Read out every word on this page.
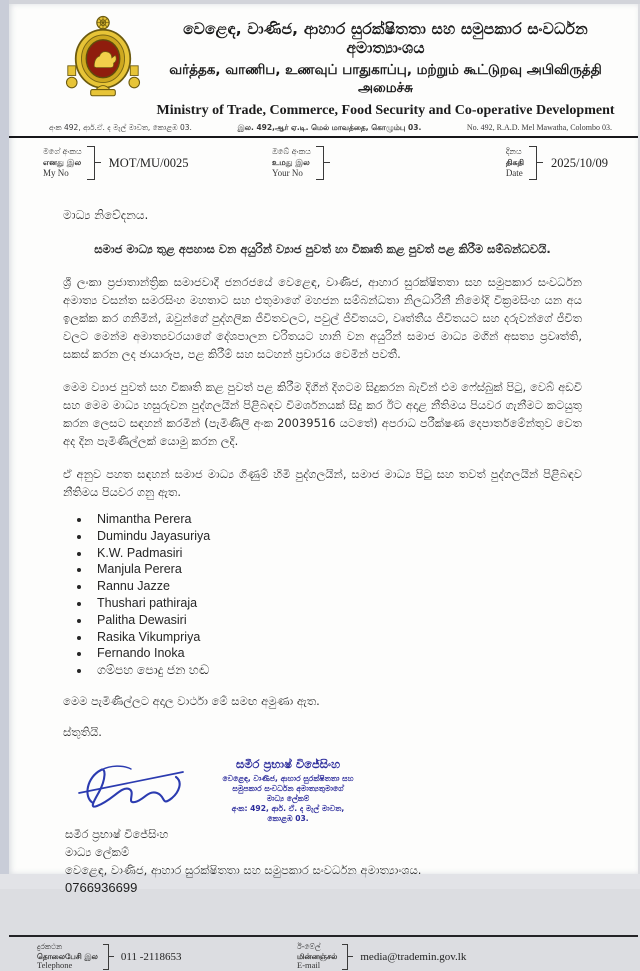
වෙළෙඳ, වාණිජ, ආහාර සුරක්ෂිතතා සහ සමුපකාර සංවර්ධන අමාත්‍යාංශය
வர்த்தக, வாணிப, உணவுப் பாதுகாப்பு, மற்றும் கூட்டுறவு அபிவிருத்தி அமைச்சு
Ministry of Trade, Commerce, Food Security and Co-operative Development
අංක 492, ආර්.ඒ. ද මැල් මාවත, කොළඹ 03.	இல. 492,ஆர் ஏ.டி. மெல் மாவத்தை, கொழும்பு 03.	No. 492, R.A.D. Mel Mawatha, Colombo 03.
මගේ අංකය
எனது இல
My No
MOT/MU/0025
ඔබේ අංකය
உமது இல
Your No
දිනය
திகதி
Date
2025/10/09
මාධ්‍ය නිවේදනය.
සමාජ මාධ්‍ය තුළ අපහාස වන අයුරින් ව්‍යාජ පුවත් හා විකෘති කළ පුවත් පළ කිරීම සම්බන්ධවයි.
ශ්‍රී ලංකා ප්‍රජාතාන්ත්‍රික සමාජවාදී ජනරජයේ වෙළෙඳ, වාණිජ, ආහාර සුරක්ෂිතතා සහ සමුපකාර සංවර්ධන අමාත්‍ය වසන්ත සමරසිංහ මහතාට සහ එතුමාගේ මහජන සම්බන්ධතා නිලධාරිනී නිමෝදි වික්‍රමසිංහ යන අය ඉලක්ක කර ගනිමින්, ඔවුන්ගේ පුද්ගලික ජීවිතවලට, පවුල් ජීවිතයට, වෘත්තීය ජීවිතයට සහ දරුවන්ගේ ජීවිත වලට මෙන්ම අමාත්‍යවරයාගේ දේශපාලන චරිතයට හානි වන අයුරින් සමාජ මාධ්‍ය මගින් අසත්‍ය ප්‍රවෘත්ති, සකස් කරන ලද ඡායාරූප, පළ කිරීම් සහ සටහන් ප්‍රචාරය වෙමින් පවතී.
මෙම ව්‍යාජ පුවත් සහ විකෘති කළ පුවත් පළ කිරීම දිගින් දිගටම සිදුකරන බැවින් එම ෆේස්බුක් පිටු, වෙබ් අඩවි සහ මෙම මාධ්‍ය හසුරුවන පුද්ගලයින් පිළිබඳව විමර්ශනයක් සිදු කර ඊට අදාළ නීතිමය පියවර ගැනීමට කටයුතු කරන ලෙසට සඳහන් කරමින් (පැමිණිලි අංක 20039516 යටතේ) අපරාධ පරීක්ෂණ දෙපාර්තමේන්තුව වෙත අද දින පැමිණිල්ලක් යොමු කරන ලදි.
ඒ අනුව පහත සඳහන් සමාජ මාධ්‍ය ගිණුම් හිමි පුද්ගලයින්, සමාජ මාධ්‍ය පිටු සහ තවත් පුද්ගලයින් පිළිබඳව නීතිමය පියවර ගනු ඇත.
• Nimantha Perera
• Dumindu Jayasuriya
• K.W. Padmasiri
• Manjula Perera
• Rannu Jazze
• Thushari pathiraja
• Palitha Dewasiri
• Rasika Vikumpriya
• Fernando Inoka
• ගම්පහ පොදු ජන හඬ
මෙම පැමිණිල්ලට අදාල වාර්ථා මේ සමඟ අමුණා ඇත.
ස්තුතියි.
සමීර ප්‍රභාෂ් විජේසිංහ
වෙළෙඳ, වාණිජ, ආහාර සුරක්ෂිතතා සහ
සමුපකාර සංවර්ධන අමාත්‍යතුමාගේ
මාධ්‍ය ලේකම්
අංක: 492, ආර්. ඒ. ද මැල් මාවත,
කොළඹ 03.
සමීර ප්‍රභාෂ් විජේසිංහ
මාධ්‍ය ලේකම්
වෙළෙඳ, වාණිජ, ආහාර සුරක්ෂිතතා සහ සමුපකාර සංවර්ධන අමාත්‍යාංශය.
0766936699
දුරකථන
தொலைபேசி இல
Telephone
011 -2118653
ඊ-මේල්
மின்னஞ்சல்
E-mail
media@trademin.gov.lk
